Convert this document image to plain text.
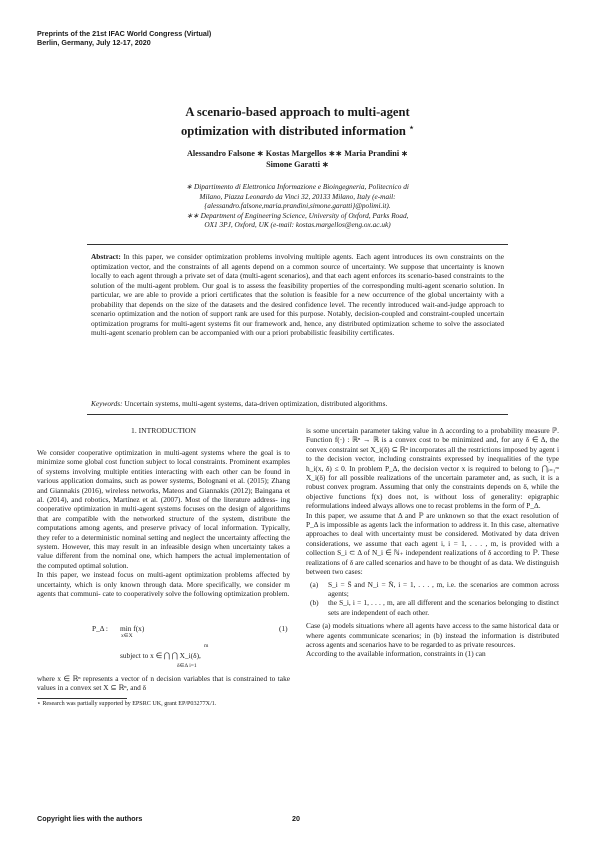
Preprints of the 21st IFAC World Congress (Virtual)
Berlin, Germany, July 12-17, 2020
A scenario-based approach to multi-agent
optimization with distributed information ⋆
Alessandro Falsone ∗ Kostas Margellos ∗∗ Maria Prandini ∗
Simone Garatti ∗
∗ Dipartimento di Elettronica Informazione e Bioingegneria, Politecnico di
Milano, Piazza Leonardo da Vinci 32, 20133 Milano, Italy (e-mail:
{alessandro.falsone,maria.prandini,simone.garatti}@polimi.it).
∗∗ Department of Engineering Science, University of Oxford, Parks Road,
OX1 3PJ, Oxford, UK (e-mail: kostas.margellos@eng.ox.ac.uk)
Abstract: In this paper, we consider optimization problems involving multiple agents. Each agent introduces its own constraints on the optimization vector, and the constraints of all agents depend on a common source of uncertainty. We suppose that uncertainty is known locally to each agent through a private set of data (multi-agent scenarios), and that each agent enforces its scenario-based constraints to the solution of the multi-agent problem. Our goal is to assess the feasibility properties of the corresponding multi-agent scenario solution. In particular, we are able to provide a priori certificates that the solution is feasible for a new occurrence of the global uncertainty with a probability that depends on the size of the datasets and the desired confidence level. The recently introduced wait-and-judge approach to scenario optimization and the notion of support rank are used for this purpose. Notably, decision-coupled and constraint-coupled uncertain optimization programs for multi-agent systems fit our framework and, hence, any distributed optimization scheme to solve the associated multi-agent scenario problem can be accompanied with our a priori probabilistic feasibility certificates.
Keywords: Uncertain systems, multi-agent systems, data-driven optimization, distributed algorithms.
1. INTRODUCTION

We consider cooperative optimization in multi-agent systems where the goal is to minimize some global cost function subject to local constraints. Prominent examples of systems involving multiple entities interacting with each other can be found in various application domains, such as power systems, Bolognani et al. (2015); Zhang and Giannakis (2016), wireless networks, Mateos and Giannakis (2012); Baingana et al. (2014), and robotics, Martínez et al. (2007). Most of the literature address- ing cooperative optimization in multi-agent systems focuses on the design of algorithms that are compatible with the networked structure of the system, distribute the computations among agents, and preserve privacy of local information. Typically, they refer to a deterministic nominal setting and neglect the uncertainty affecting the system. However, this may result in an infeasible design when uncertainty takes a value different from the nominal one, which hampers the actual implementation of the computed optimal solution.

In this paper, we instead focus on multi-agent optimization problems affected by uncertainty, which is only known through data. More specifically, we consider m agents that communi- cate to cooperatively solve the following optimization problem.

P_Δ : min f(x)
x∈X
(1)
m
subject to x ∈ ⋂ ⋂ X_i(δ),
δ∈Δ i=1

where x ∈ ℝⁿ represents a vector of n decision variables that is constrained to take values in a convex set X ⊆ ℝⁿ, and δ

⋆ Research was partially supported by EPSRC UK, grant EP/P03277X/1.

is some uncertain parameter taking value in Δ according to a probability measure ℙ. Function f(·) : ℝⁿ → ℝ is a convex cost to be minimized and, for any δ ∈ Δ, the convex constraint set X_i(δ) ⊆ ℝⁿ incorporates all the restrictions imposed by agent i to the decision vector, including constraints expressed by inequalities of the type h_i(x, δ) ≤ 0. In problem P_Δ, the decision vector x is required to belong to ⋂ᵢ₌₁ᵐ X_i(δ) for all possible realizations of the uncertain parameter and, as such, it is a robust convex program. Assuming that only the constraints depends on δ, while the objective functions f(x) does not, is without loss of generality: epigraphic reformulations indeed always allows one to recast problems in the form of P_Δ.

In this paper, we assume that Δ and ℙ are unknown so that the exact resolution of P_Δ is impossible as agents lack the information to address it. In this case, alternative approaches to deal with uncertainty must be considered. Motivated by data driven considerations, we assume that each agent i, i = 1, . . . , m, is provided with a collection S_i ⊂ Δ of N_i ∈ ℕ₊ independent realizations of δ according to ℙ. These realizations of δ are called scenarios and have to be thought of as data. We distinguish between two cases:

(a) S_i = S̄ and N_i = N̄, i = 1, . . . , m, i.e. the scenarios are common across agents;
(b) the S_i, i = 1, . . . , m, are all different and the scenarios belonging to distinct sets are independent of each other.

Case (a) models situations where all agents have access to the same historical data or where agents communicate scenarios; in (b) instead the information is distributed across agents and scenarios have to be regarded to as private resources.

According to the available information, constraints in (1) can

Copyright lies with the authors	20
